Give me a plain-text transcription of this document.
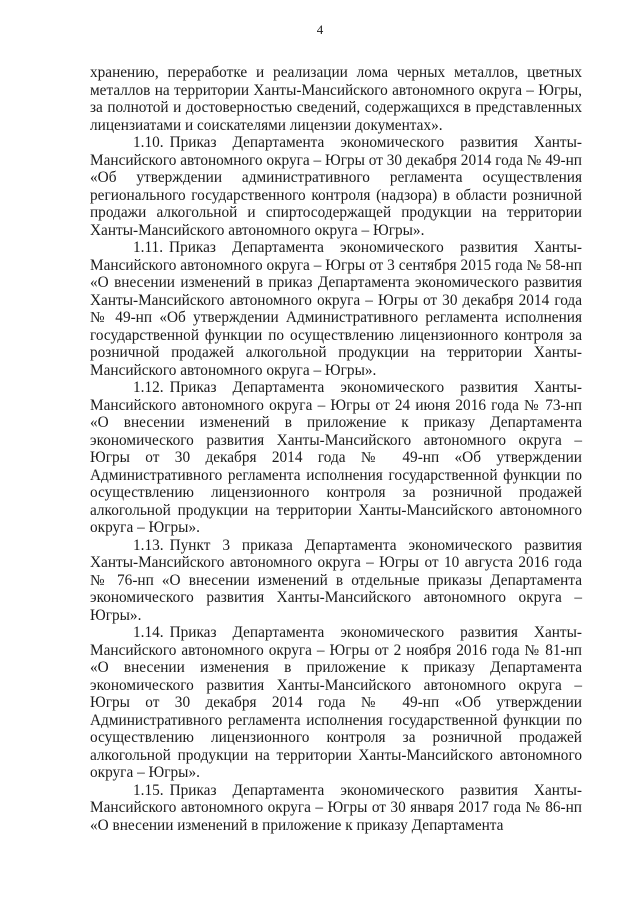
4

хранению, переработке и реализации лома черных металлов, цветных металлов на территории Ханты-Мансийского автономного округа – Югры, за полнотой и достоверностью сведений, содержащихся в представленных лицензиатами и соискателями лицензии документах».

1.10. Приказ Департамента экономического развития Ханты-Мансийского автономного округа – Югры от 30 декабря 2014 года № 49-нп «Об утверждении административного регламента осуществления регионального государственного контроля (надзора) в области розничной продажи алкогольной и спиртосодержащей продукции на территории Ханты-Мансийского автономного округа – Югры».

1.11. Приказ Департамента экономического развития Ханты-Мансийского автономного округа – Югры от 3 сентября 2015 года № 58-нп «О внесении изменений в приказ Департамента экономического развития Ханты-Мансийского автономного округа – Югры от 30 декабря 2014 года № 49-нп «Об утверждении Административного регламента исполнения государственной функции по осуществлению лицензионного контроля за розничной продажей алкогольной продукции на территории Ханты-Мансийского автономного округа – Югры».

1.12. Приказ Департамента экономического развития Ханты-Мансийского автономного округа – Югры от 24 июня 2016 года № 73-нп «О внесении изменений в приложение к приказу Департамента экономического развития Ханты-Мансийского автономного округа – Югры от 30 декабря 2014 года № 49-нп «Об утверждении Административного регламента исполнения государственной функции по осуществлению лицензионного контроля за розничной продажей алкогольной продукции на территории Ханты-Мансийского автономного округа – Югры».

1.13. Пункт 3 приказа Департамента экономического развития Ханты-Мансийского автономного округа – Югры от 10 августа 2016 года № 76-нп «О внесении изменений в отдельные приказы Департамента экономического развития Ханты-Мансийского автономного округа – Югры».

1.14. Приказ Департамента экономического развития Ханты-Мансийского автономного округа – Югры от 2 ноября 2016 года № 81-нп «О внесении изменения в приложение к приказу Департамента экономического развития Ханты-Мансийского автономного округа – Югры от 30 декабря 2014 года № 49-нп «Об утверждении Административного регламента исполнения государственной функции по осуществлению лицензионного контроля за розничной продажей алкогольной продукции на территории Ханты-Мансийского автономного округа – Югры».

1.15. Приказ Департамента экономического развития Ханты-Мансийского автономного округа – Югры от 30 января 2017 года № 86-нп «О внесении изменений в приложение к приказу Департамента
